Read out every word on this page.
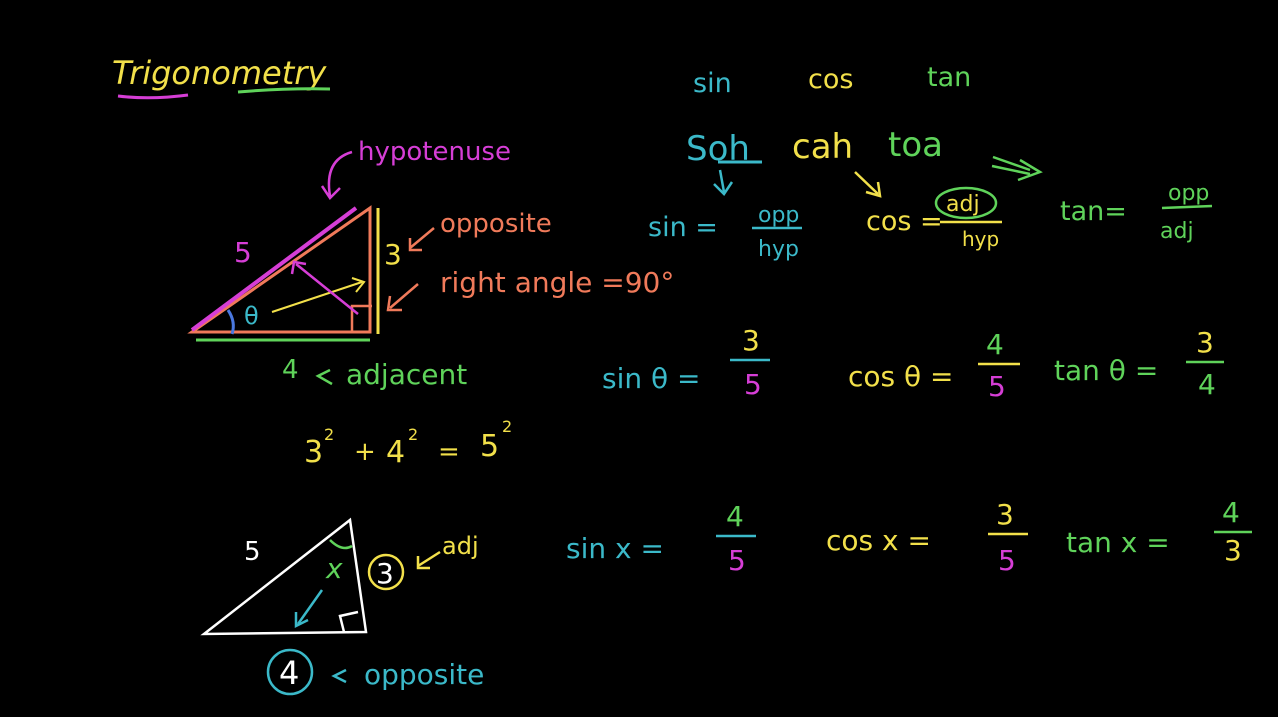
Trigonometry	sin	cos	tan
Soh cah toa
sin = opp
hyp
cos =
adj
hyp
tan=
opp
adj
θ
5
hypotenuse
3
opposite
right angle =90°
4 adjacent	sin θ =
3
5	cos θ =
4
5 tan θ =
3
4
3
2
+ 4
2
= 5
2
5 x 3
adj
4 opposite
sin x =
4
5
cos x =
3
5
tan x =
4
3
